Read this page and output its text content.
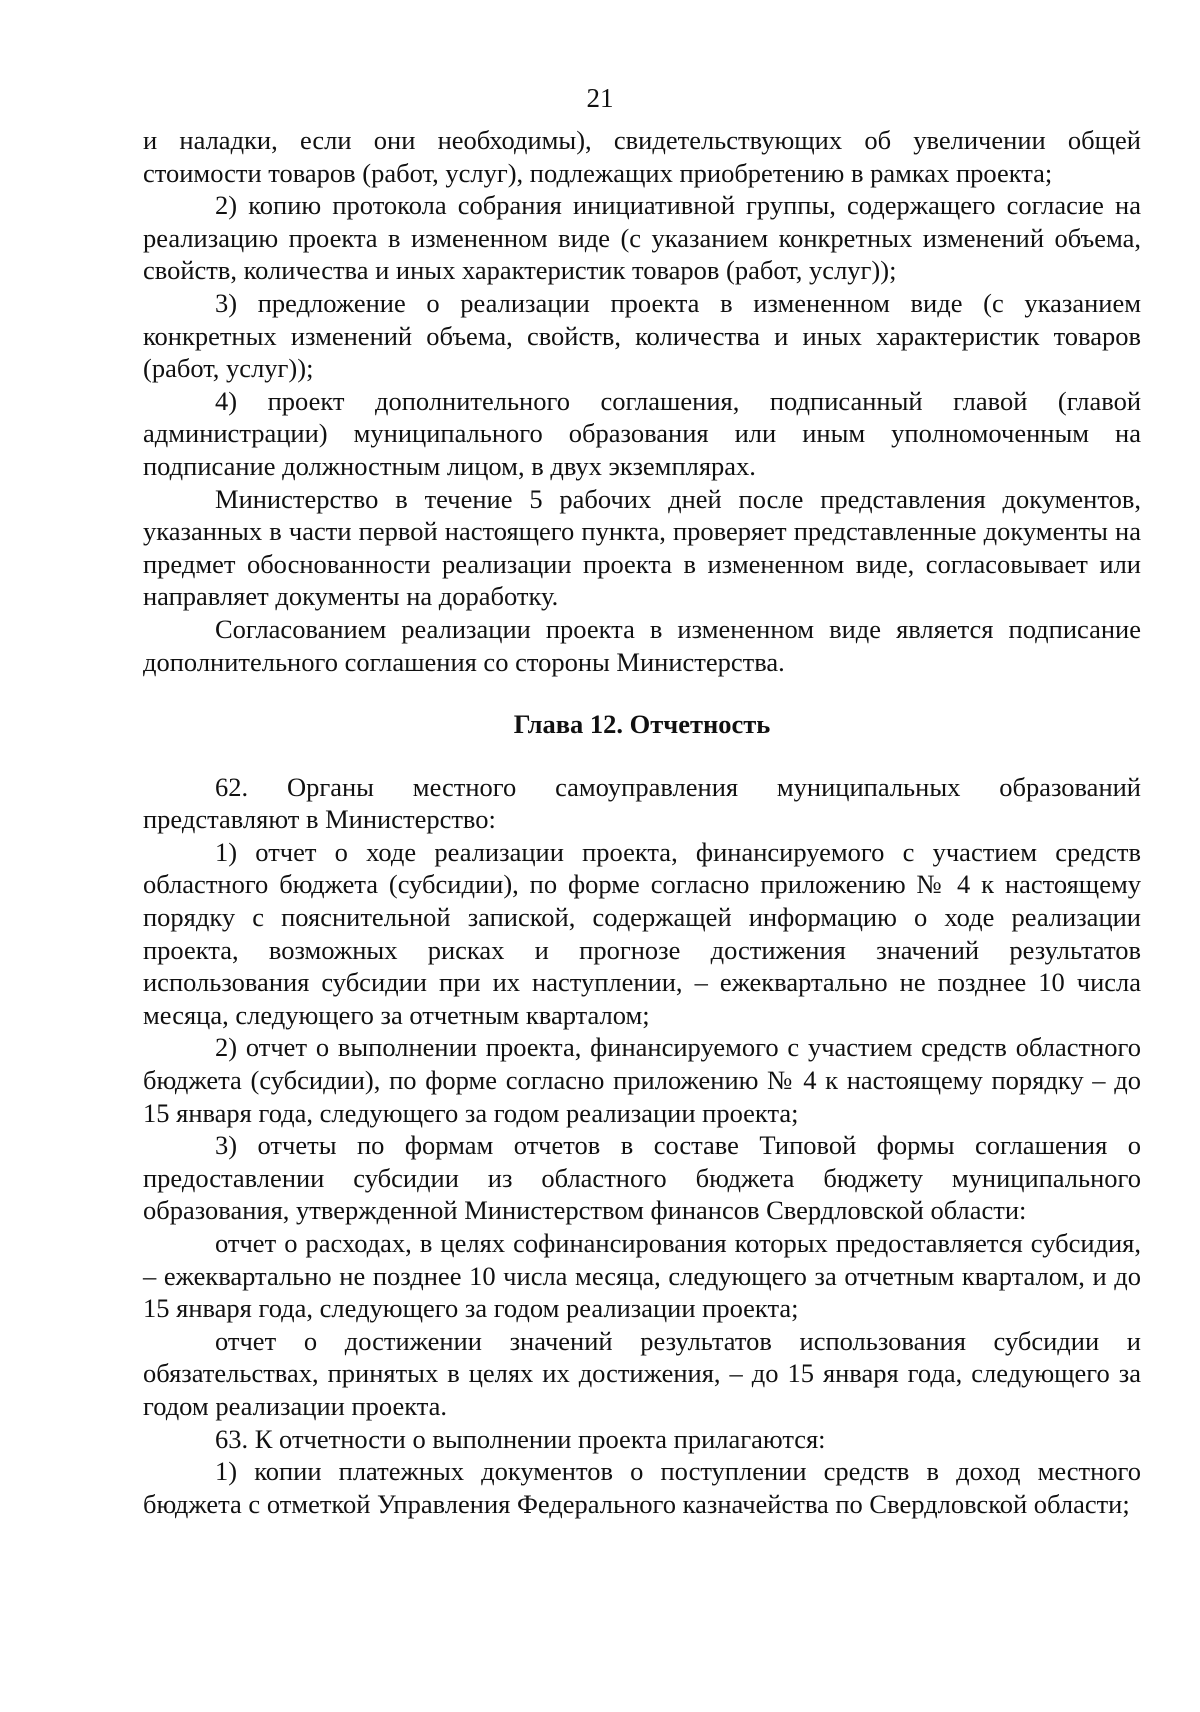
21

и наладки, если они необходимы), свидетельствующих об увеличении общей стоимости товаров (работ, услуг), подлежащих приобретению в рамках проекта;

2) копию протокола собрания инициативной группы, содержащего согласие на реализацию проекта в измененном виде (с указанием конкретных изменений объема, свойств, количества и иных характеристик товаров (работ, услуг));

3) предложение о реализации проекта в измененном виде (с указанием конкретных изменений объема, свойств, количества и иных характеристик товаров (работ, услуг));

4) проект дополнительного соглашения, подписанный главой (главой администрации) муниципального образования или иным уполномоченным на подписание должностным лицом, в двух экземплярах.

Министерство в течение 5 рабочих дней после представления документов, указанных в части первой настоящего пункта, проверяет представленные документы на предмет обоснованности реализации проекта в измененном виде, согласовывает или направляет документы на доработку.

Согласованием реализации проекта в измененном виде является подписание дополнительного соглашения со стороны Министерства.

Глава 12. Отчетность

62. Органы местного самоуправления муниципальных образований представляют в Министерство:

1) отчет о ходе реализации проекта, финансируемого с участием средств областного бюджета (субсидии), по форме согласно приложению № 4 к настоящему порядку с пояснительной запиской, содержащей информацию о ходе реализации проекта, возможных рисках и прогнозе достижения значений результатов использования субсидии при их наступлении, – ежеквартально не позднее 10 числа месяца, следующего за отчетным кварталом;

2) отчет о выполнении проекта, финансируемого с участием средств областного бюджета (субсидии), по форме согласно приложению № 4 к настоящему порядку – до 15 января года, следующего за годом реализации проекта;

3) отчеты по формам отчетов в составе Типовой формы соглашения о предоставлении субсидии из областного бюджета бюджету муниципального образования, утвержденной Министерством финансов Свердловской области:

отчет о расходах, в целях софинансирования которых предоставляется субсидия, – ежеквартально не позднее 10 числа месяца, следующего за отчетным кварталом, и до 15 января года, следующего за годом реализации проекта;

отчет о достижении значений результатов использования субсидии и обязательствах, принятых в целях их достижения, – до 15 января года, следующего за годом реализации проекта.

63. К отчетности о выполнении проекта прилагаются:

1) копии платежных документов о поступлении средств в доход местного бюджета с отметкой Управления Федерального казначейства по Свердловской области;
